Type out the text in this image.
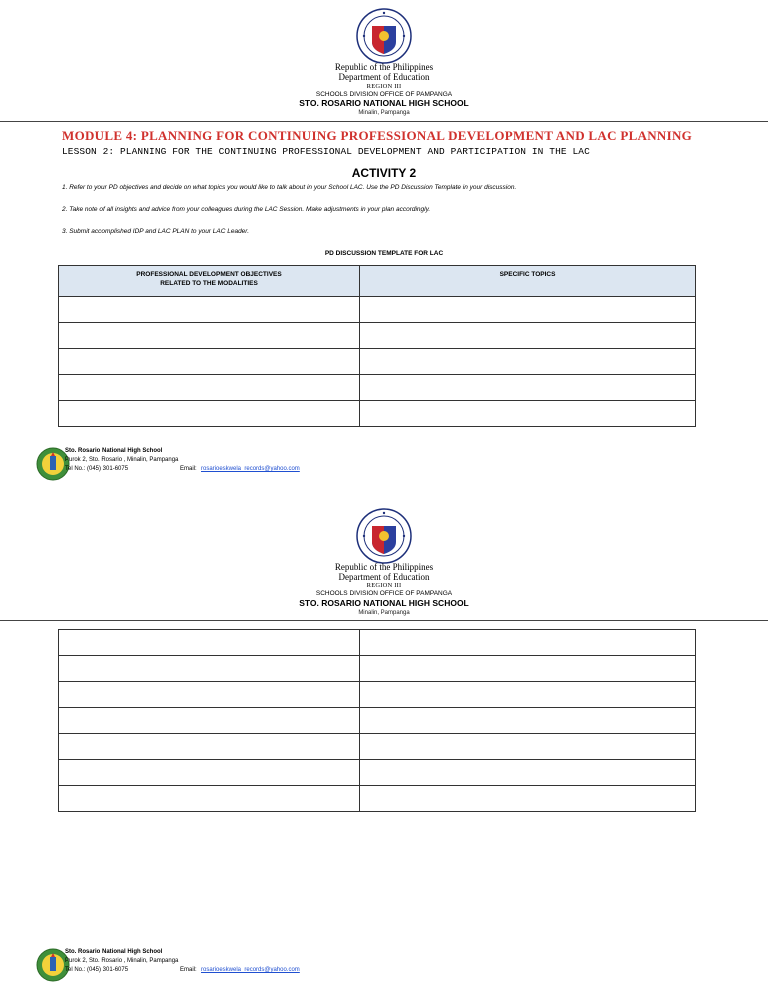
Republic of the Philippines
Department of Education
REGION III
SCHOOLS DIVISION OFFICE OF PAMPANGA
STO. ROSARIO NATIONAL HIGH SCHOOL
Minalin, Pampanga
MODULE 4: PLANNING FOR CONTINUING PROFESSIONAL DEVELOPMENT AND LAC PLANNING
LESSON 2: PLANNING FOR THE CONTINUING PROFESSIONAL DEVELOPMENT AND PARTICIPATION IN THE LAC
ACTIVITY 2
1. Refer to your PD objectives and decide on what topics you would like to talk about in your School LAC. Use the PD Discussion Template in your discussion.
2. Take note of all insights and advice from your colleagues during the LAC Session. Make adjustments in your plan accordingly.
3. Submit accomplished IDP and LAC PLAN to your LAC Leader.
PD DISCUSSION TEMPLATE FOR LAC
PROFESSIONAL DEVELOPMENT OBJECTIVES
RELATED TO THE MODALITIES	SPECIFIC TOPICS

Sto. Rosario National High School
Purok 2, Sto. Rosario , Minalin, Pampanga
Tel No.: (045) 301-6075	Email: rosarioeskwela_records@yahoo.com
Republic of the Philippines
Department of Education
REGION III
SCHOOLS DIVISION OFFICE OF PAMPANGA
STO. ROSARIO NATIONAL HIGH SCHOOL
Minalin, Pampanga

Sto. Rosario National High School
Purok 2, Sto. Rosario , Minalin, Pampanga
Tel No.: (045) 301-6075	Email: rosarioeskwela_records@yahoo.com
